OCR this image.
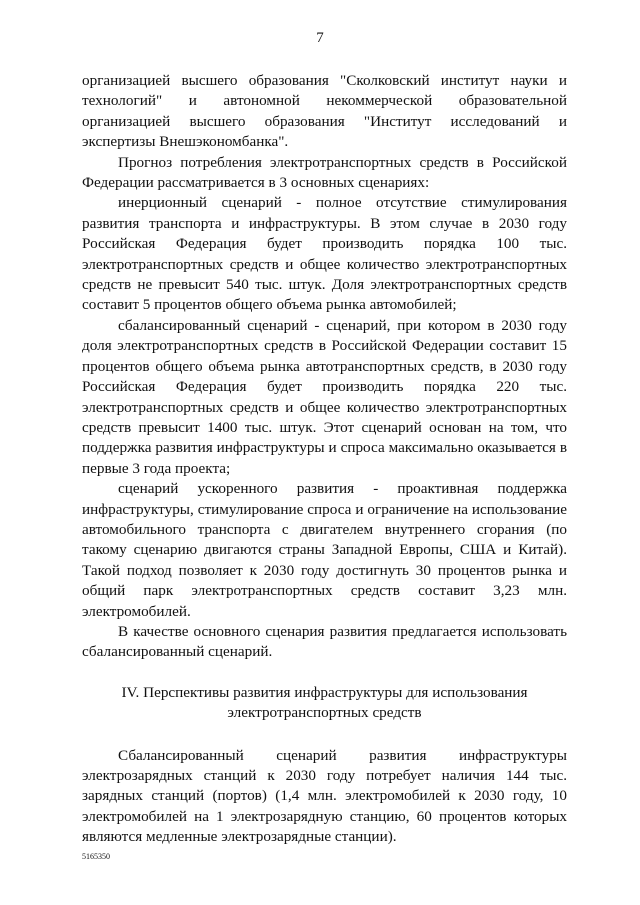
7

организацией высшего образования "Сколковский институт науки и технологий" и автономной некоммерческой образовательной организацией высшего образования "Институт исследований и экспертизы Внешэкономбанка".

Прогноз потребления электротранспортных средств в Российской Федерации рассматривается в 3 основных сценариях:

инерционный сценарий - полное отсутствие стимулирования развития транспорта и инфраструктуры. В этом случае в 2030 году Российская Федерация будет производить порядка 100 тыс. электротранспортных средств и общее количество электротранспортных средств не превысит 540 тыс. штук. Доля электротранспортных средств составит 5 процентов общего объема рынка автомобилей;

сбалансированный сценарий - сценарий, при котором в 2030 году доля электротранспортных средств в Российской Федерации составит 15 процентов общего объема рынка автотранспортных средств, в 2030 году Российская Федерация будет производить порядка 220 тыс. электротранспортных средств и общее количество электротранспортных средств превысит 1400 тыс. штук. Этот сценарий основан на том, что поддержка развития инфраструктуры и спроса максимально оказывается в первые 3 года проекта;

сценарий ускоренного развития - проактивная поддержка инфраструктуры, стимулирование спроса и ограничение на использование автомобильного транспорта с двигателем внутреннего сгорания (по такому сценарию двигаются страны Западной Европы, США и Китай). Такой подход позволяет к 2030 году достигнуть 30 процентов рынка и общий парк электротранспортных средств составит 3,23 млн. электромобилей.

В качестве основного сценария развития предлагается использовать сбалансированный сценарий.

IV. Перспективы развития инфраструктуры для использования
электротранспортных средств

Сбалансированный сценарий развития инфраструктуры электрозарядных станций к 2030 году потребует наличия 144 тыс. зарядных станций (портов) (1,4 млн. электромобилей к 2030 году, 10 электромобилей на 1 электрозарядную станцию, 60 процентов которых являются медленные электрозарядные станции).

5165350
